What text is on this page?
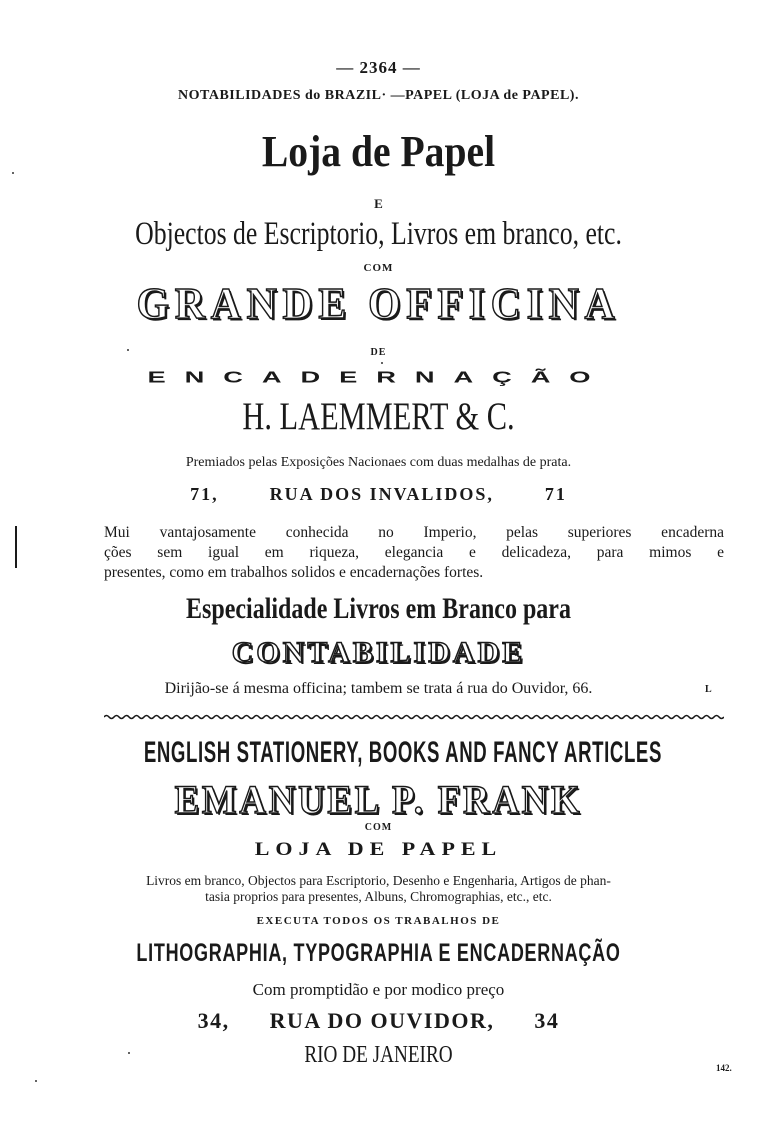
— 2364 —
NOTABILIDADES do BRAZIL· —PAPEL (LOJA de PAPEL).
Loja de Papel
E
Objectos de Escriptorio, Livros em branco, etc.
COM
GRANDE OFFICINA
DE
ENCADERNAÇÃO
H. LAEMMERT & C.
Premiados pelas Exposições Nacionaes com duas medalhas de prata.
71,	RUA DOS INVALIDOS,	71
Mui vantajosamente conhecida no Imperio, pelas superiores encaderna
ções sem igual em riqueza, elegancia e delicadeza, para mimos e
presentes, como em trabalhos solidos e encadernações fortes.
Especialidade Livros em Branco para
CONTABILIDADE
Dirijão-se á mesma officina; tambem se trata á rua do Ouvidor, 66.	L
ENGLISH STATIONERY, BOOKS AND FANCY ARTICLES
EMANUEL P. FRANK
COM
LOJA DE PAPEL
Livros em branco, Objectos para Escriptorio, Desenho e Engenharia, Artigos de phan-
tasia proprios para presentes, Albuns, Chromographias, etc., etc.
EXECUTA TODOS OS TRABALHOS DE
LITHOGRAPHIA, TYPOGRAPHIA E ENCADERNAÇÃO
Com promptidão e por modico preço
34, RUA DO OUVIDOR, 34
RIO DE JANEIRO	142.
